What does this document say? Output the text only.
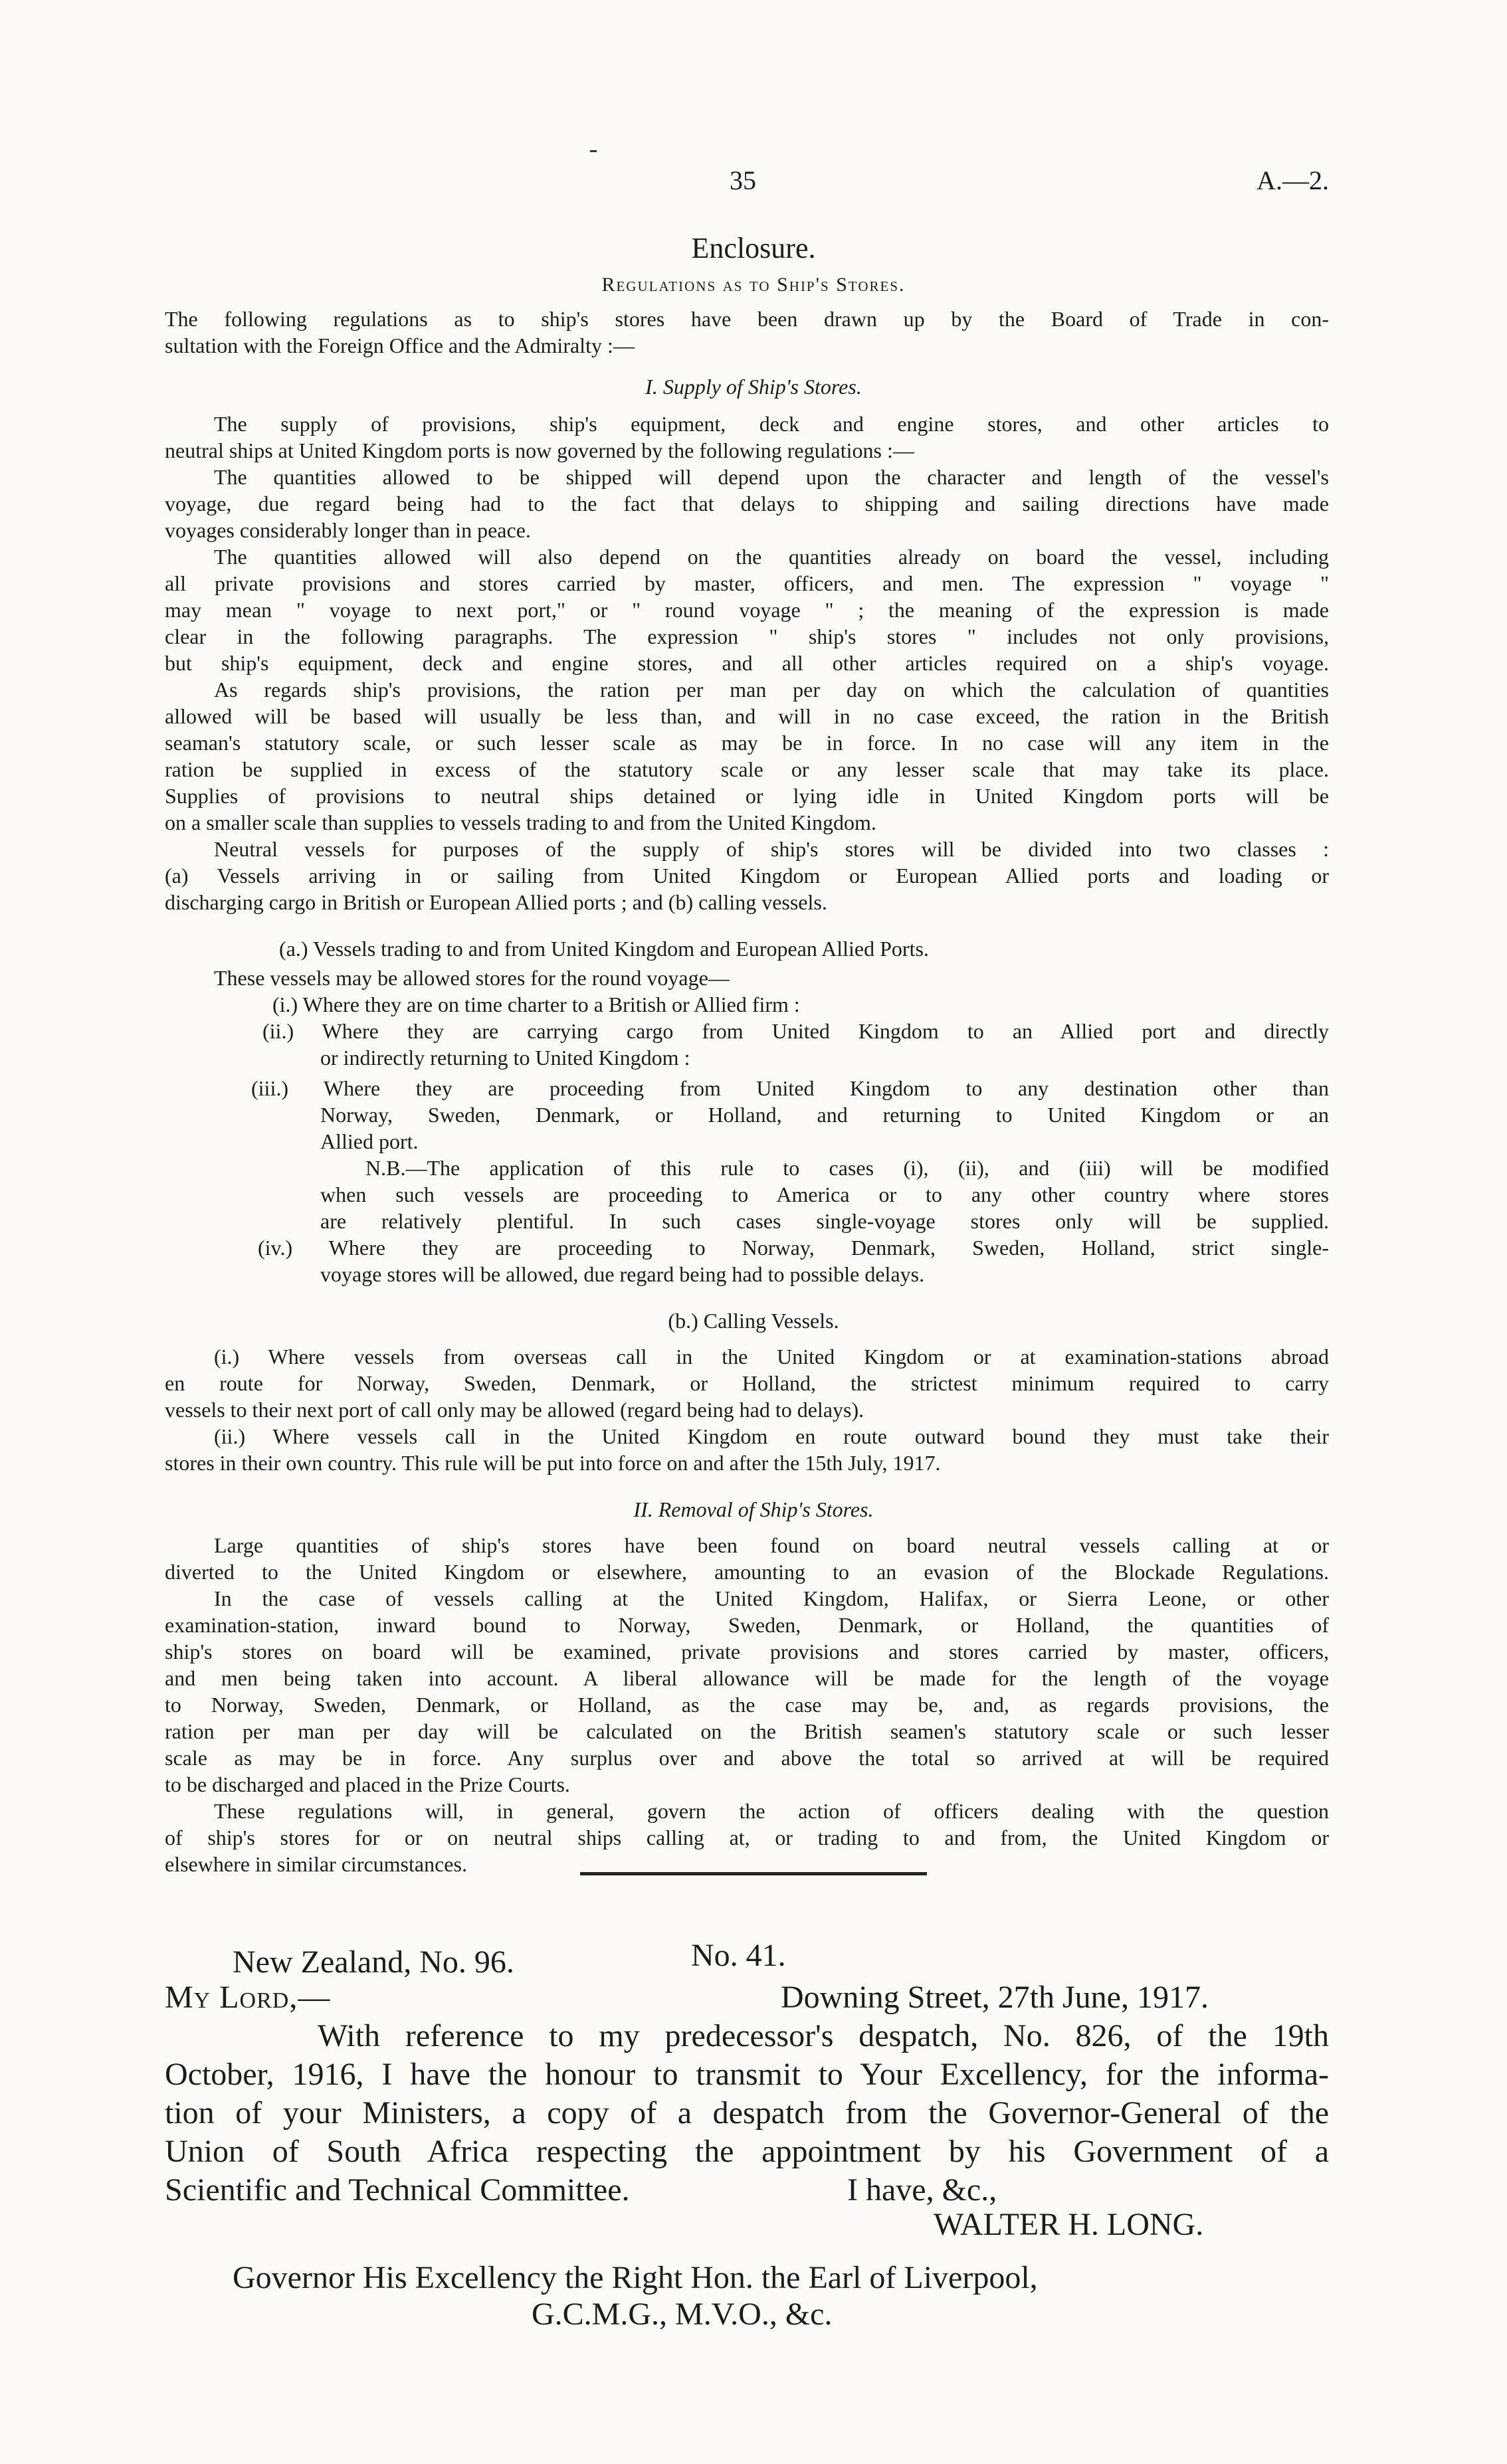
35	A.—2.
Enclosure.
Regulations as to Ship's Stores.
The following regulations as to ship's stores have been drawn up by the Board of Trade in con-
sultation with the Foreign Office and the Admiralty :—
I. Supply of Ship's Stores.
The supply of provisions, ship's equipment, deck and engine stores, and other articles to
neutral ships at United Kingdom ports is now governed by the following regulations :—
The quantities allowed to be shipped will depend upon the character and length of the vessel's
voyage, due regard being had to the fact that delays to shipping and sailing directions have made
voyages considerably longer than in peace.
The quantities allowed will also depend on the quantities already on board the vessel, including
all private provisions and stores carried by master, officers, and men. The expression " voyage "
may mean " voyage to next port," or " round voyage " ; the meaning of the expression is made
clear in the following paragraphs. The expression " ship's stores " includes not only provisions,
but ship's equipment, deck and engine stores, and all other articles required on a ship's voyage.
As regards ship's provisions, the ration per man per day on which the calculation of quantities
allowed will be based will usually be less than, and will in no case exceed, the ration in the British
seaman's statutory scale, or such lesser scale as may be in force. In no case will any item in the
ration be supplied in excess of the statutory scale or any lesser scale that may take its place.
Supplies of provisions to neutral ships detained or lying idle in United Kingdom ports will be
on a smaller scale than supplies to vessels trading to and from the United Kingdom.
Neutral vessels for purposes of the supply of ship's stores will be divided into two classes :
(a) Vessels arriving in or sailing from United Kingdom or European Allied ports and loading or
discharging cargo in British or European Allied ports ; and (b) calling vessels.
(a.) Vessels trading to and from United Kingdom and European Allied Ports.
These vessels may be allowed stores for the round voyage—
(i.) Where they are on time charter to a British or Allied firm :
(ii.) Where they are carrying cargo from United Kingdom to an Allied port and directly
or indirectly returning to United Kingdom :
(iii.) Where they are proceeding from United Kingdom to any destination other than
Norway, Sweden, Denmark, or Holland, and returning to United Kingdom or an
Allied port.
N.B.—The application of this rule to cases (i), (ii), and (iii) will be modified
when such vessels are proceeding to America or to any other country where stores
are relatively plentiful. In such cases single-voyage stores only will be supplied.
(iv.) Where they are proceeding to Norway, Denmark, Sweden, Holland, strict single-
voyage stores will be allowed, due regard being had to possible delays.
(b.) Calling Vessels.
(i.) Where vessels from overseas call in the United Kingdom or at examination-stations abroad
en route for Norway, Sweden, Denmark, or Holland, the strictest minimum required to carry
vessels to their next port of call only may be allowed (regard being had to delays).
(ii.) Where vessels call in the United Kingdom en route outward bound they must take their
stores in their own country. This rule will be put into force on and after the 15th July, 1917.
II. Removal of Ship's Stores.
Large quantities of ship's stores have been found on board neutral vessels calling at or
diverted to the United Kingdom or elsewhere, amounting to an evasion of the Blockade Regulations.
In the case of vessels calling at the United Kingdom, Halifax, or Sierra Leone, or other
examination-station, inward bound to Norway, Sweden, Denmark, or Holland, the quantities of
ship's stores on board will be examined, private provisions and stores carried by master, officers,
and men being taken into account. A liberal allowance will be made for the length of the voyage
to Norway, Sweden, Denmark, or Holland, as the case may be, and, as regards provisions, the
ration per man per day will be calculated on the British seamen's statutory scale or such lesser
scale as may be in force. Any surplus over and above the total so arrived at will be required
to be discharged and placed in the Prize Courts.
These regulations will, in general, govern the action of officers dealing with the question
of ship's stores for or on neutral ships calling at, or trading to and from, the United Kingdom or
elsewhere in similar circumstances.
New Zealand, No. 96.	No. 41.
My Lord,—	Downing Street, 27th June, 1917.
With reference to my predecessor's despatch, No. 826, of the 19th
October, 1916, I have the honour to transmit to Your Excellency, for the informa-
tion of your Ministers, a copy of a despatch from the Governor-General of the
Union of South Africa respecting the appointment by his Government of a
Scientific and Technical Committee.	I have, &c.,
WALTER H. LONG.
Governor His Excellency the Right Hon. the Earl of Liverpool,
G.C.M.G., M.V.O., &c.
